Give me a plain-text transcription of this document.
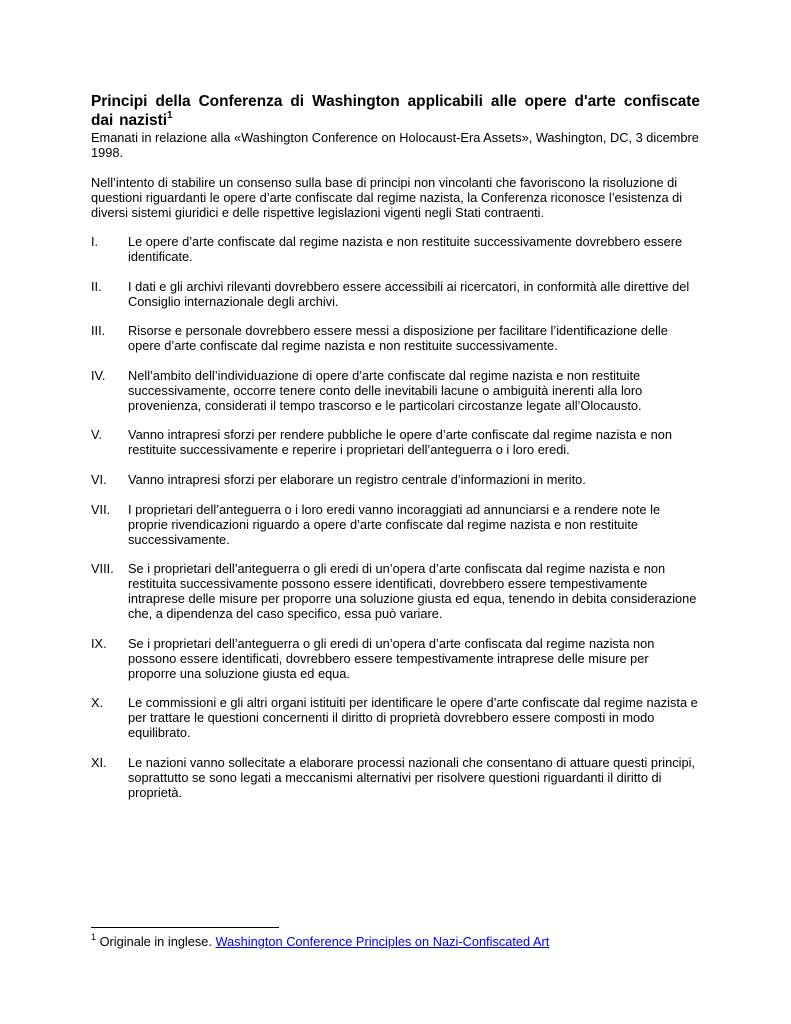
Principi della Conferenza di Washington applicabili alle opere d'arte confiscate dai nazisti$^1$

Emanati in relazione alla «Washington Conference on Holocaust-Era Assets», Washington, DC, 3 dicembre 1998.

Nell’intento di stabilire un consenso sulla base di principi non vincolanti che favoriscono la risoluzione di questioni riguardanti le opere d’arte confiscate dal regime nazista, la Conferenza riconosce l’esistenza di diversi sistemi giuridici e delle rispettive legislazioni vigenti negli Stati contraenti.

I.	Le opere d’arte confiscate dal regime nazista e non restituite successivamente dovrebbero essere identificate.
II.	I dati e gli archivi rilevanti dovrebbero essere accessibili ai ricercatori, in conformità alle direttive del Consiglio internazionale degli archivi.
III.	Risorse e personale dovrebbero essere messi a disposizione per facilitare l’identificazione delle opere d’arte confiscate dal regime nazista e non restituite successivamente.
IV.	Nell’ambito dell’individuazione di opere d’arte confiscate dal regime nazista e non restituite successivamente, occorre tenere conto delle inevitabili lacune o ambiguità inerenti alla loro provenienza, considerati il tempo trascorso e le particolari circostanze legate all’Olocausto.
V.	Vanno intrapresi sforzi per rendere pubbliche le opere d’arte confiscate dal regime nazista e non restituite successivamente e reperire i proprietari dell’anteguerra o i loro eredi.
VI.	Vanno intrapresi sforzi per elaborare un registro centrale d’informazioni in merito.
VII.	I proprietari dell’anteguerra o i loro eredi vanno incoraggiati ad annunciarsi e a rendere note le proprie rivendicazioni riguardo a opere d’arte confiscate dal regime nazista e non restituite successivamente.
VIII.	Se i proprietari dell’anteguerra o gli eredi di un’opera d’arte confiscata dal regime nazista e non restituita successivamente possono essere identificati, dovrebbero essere tempestivamente intraprese delle misure per proporre una soluzione giusta ed equa, tenendo in debita considerazione che, a dipendenza del caso specifico, essa può variare.
IX.	Se i proprietari dell’anteguerra o gli eredi di un’opera d’arte confiscata dal regime nazista non possono essere identificati, dovrebbero essere tempestivamente intraprese delle misure per proporre una soluzione giusta ed equa.
X.	Le commissioni e gli altri organi istituiti per identificare le opere d’arte confiscate dal regime nazista e per trattare le questioni concernenti il diritto di proprietà dovrebbero essere composti in modo equilibrato.
XI.	Le nazioni vanno sollecitate a elaborare processi nazionali che consentano di attuare questi principi, soprattutto se sono legati a meccanismi alternativi per risolvere questioni riguardanti il diritto di proprietà.
$^1$ Originale in inglese. Washington Conference Principles on Nazi-Confiscated Art
